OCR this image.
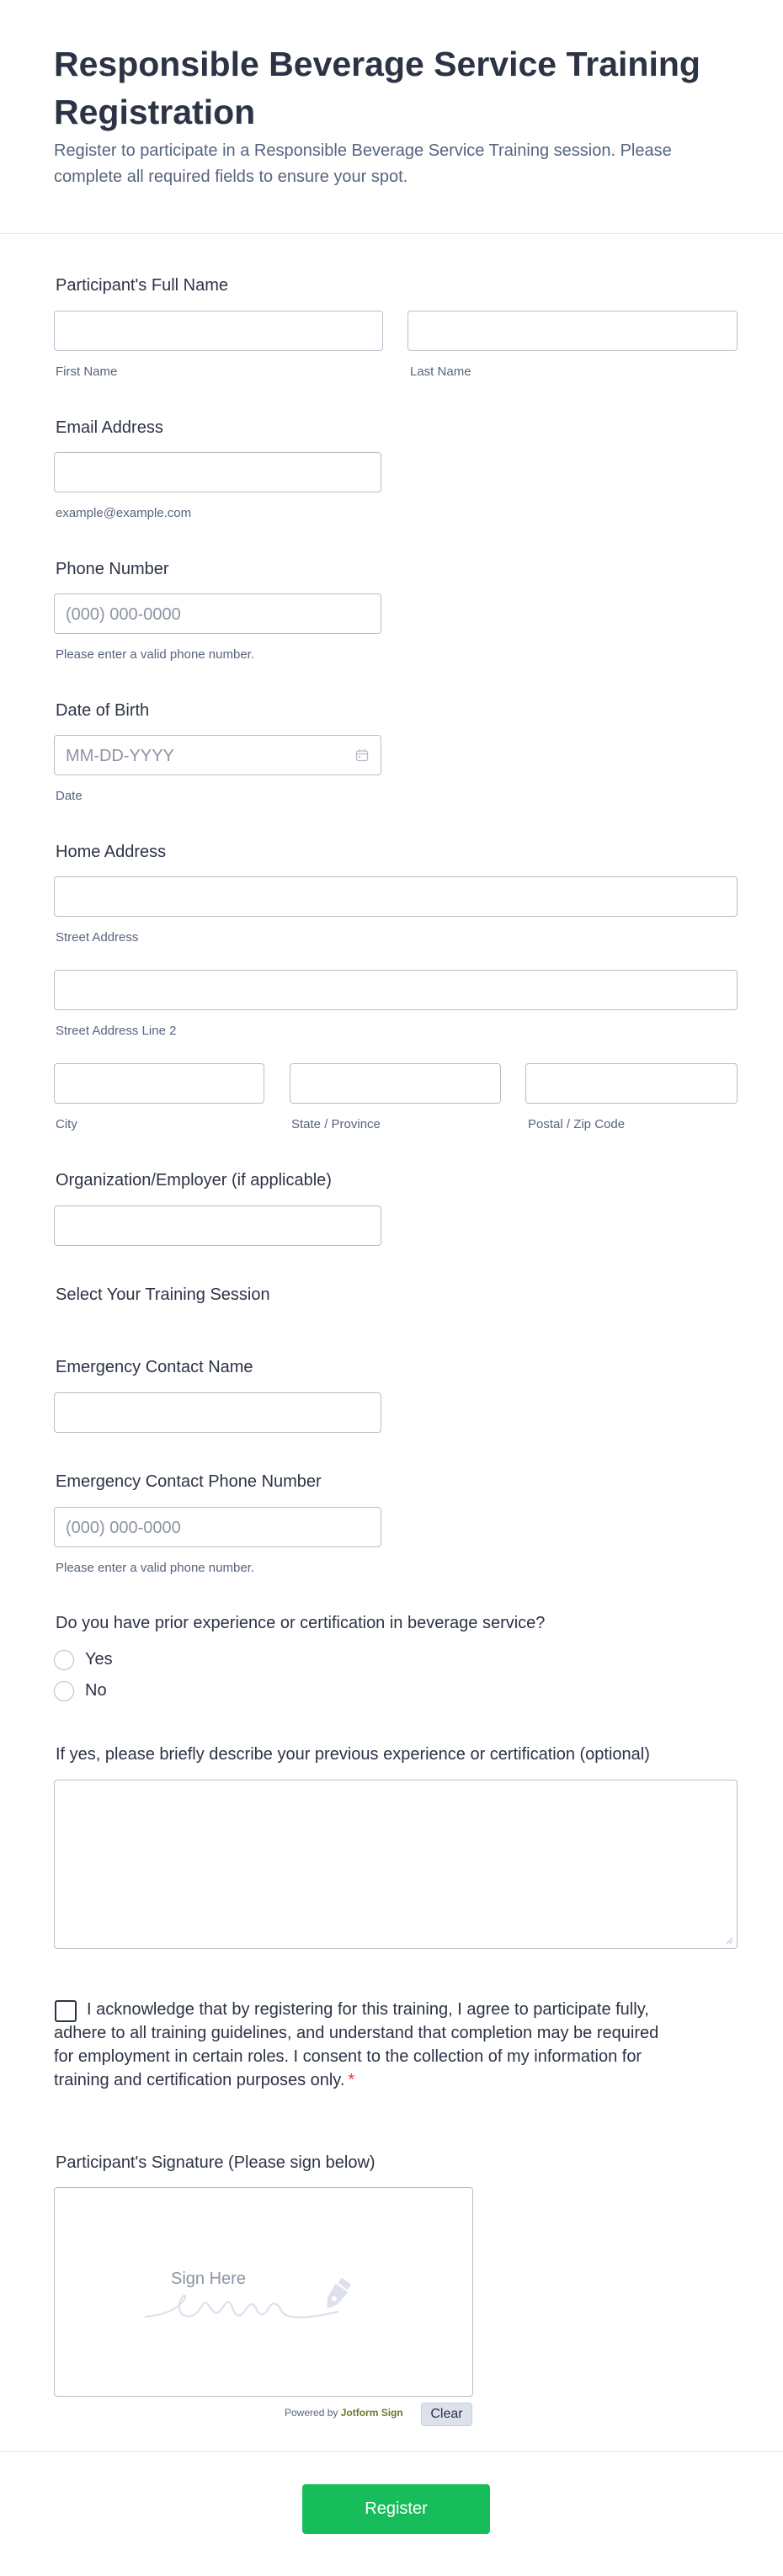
Responsible Beverage Service Training Registration

Register to participate in a Responsible Beverage Service Training session. Please complete all required fields to ensure your spot.

Participant's Full Name
First Name	Last Name
Email Address
example@example.com
Phone Number
(000) 000-0000
Please enter a valid phone number.
Date of Birth
MM-DD-YYYY
Date
Home Address
Street Address
Street Address Line 2
City	State / Province	Postal / Zip Code
Organization/Employer (if applicable)
Select Your Training Session
Emergency Contact Name
Emergency Contact Phone Number
(000) 000-0000
Please enter a valid phone number.
Do you have prior experience or certification in beverage service?
Yes
No
If yes, please briefly describe your previous experience or certification (optional)

I acknowledge that by registering for this training, I agree to participate fully, adhere to all training guidelines, and understand that completion may be required for employment in certain roles. I consent to the collection of my information for training and certification purposes only. *

Participant's Signature (Please sign below)
Sign Here
Powered by Jotform Sign	Clear
Register
